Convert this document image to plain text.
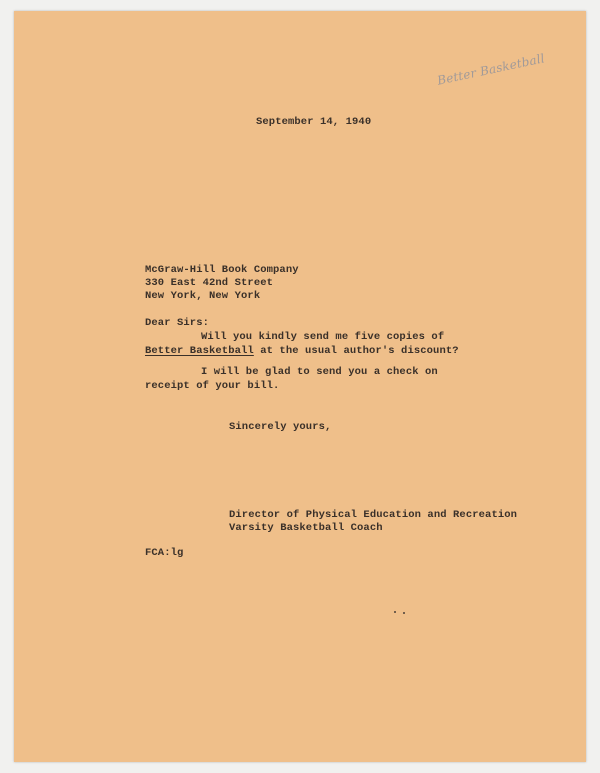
Better Basketball
September 14, 1940
McGraw-Hill Book Company
330 East 42nd Street
New York, New York
Dear Sirs:
Will you kindly send me five copies of
Better Basketball at the usual author's discount?
I will be glad to send you a check on
receipt of your bill.
Sincerely yours,
Director of Physical Education and Recreation
Varsity Basketball Coach
FCA:lg
